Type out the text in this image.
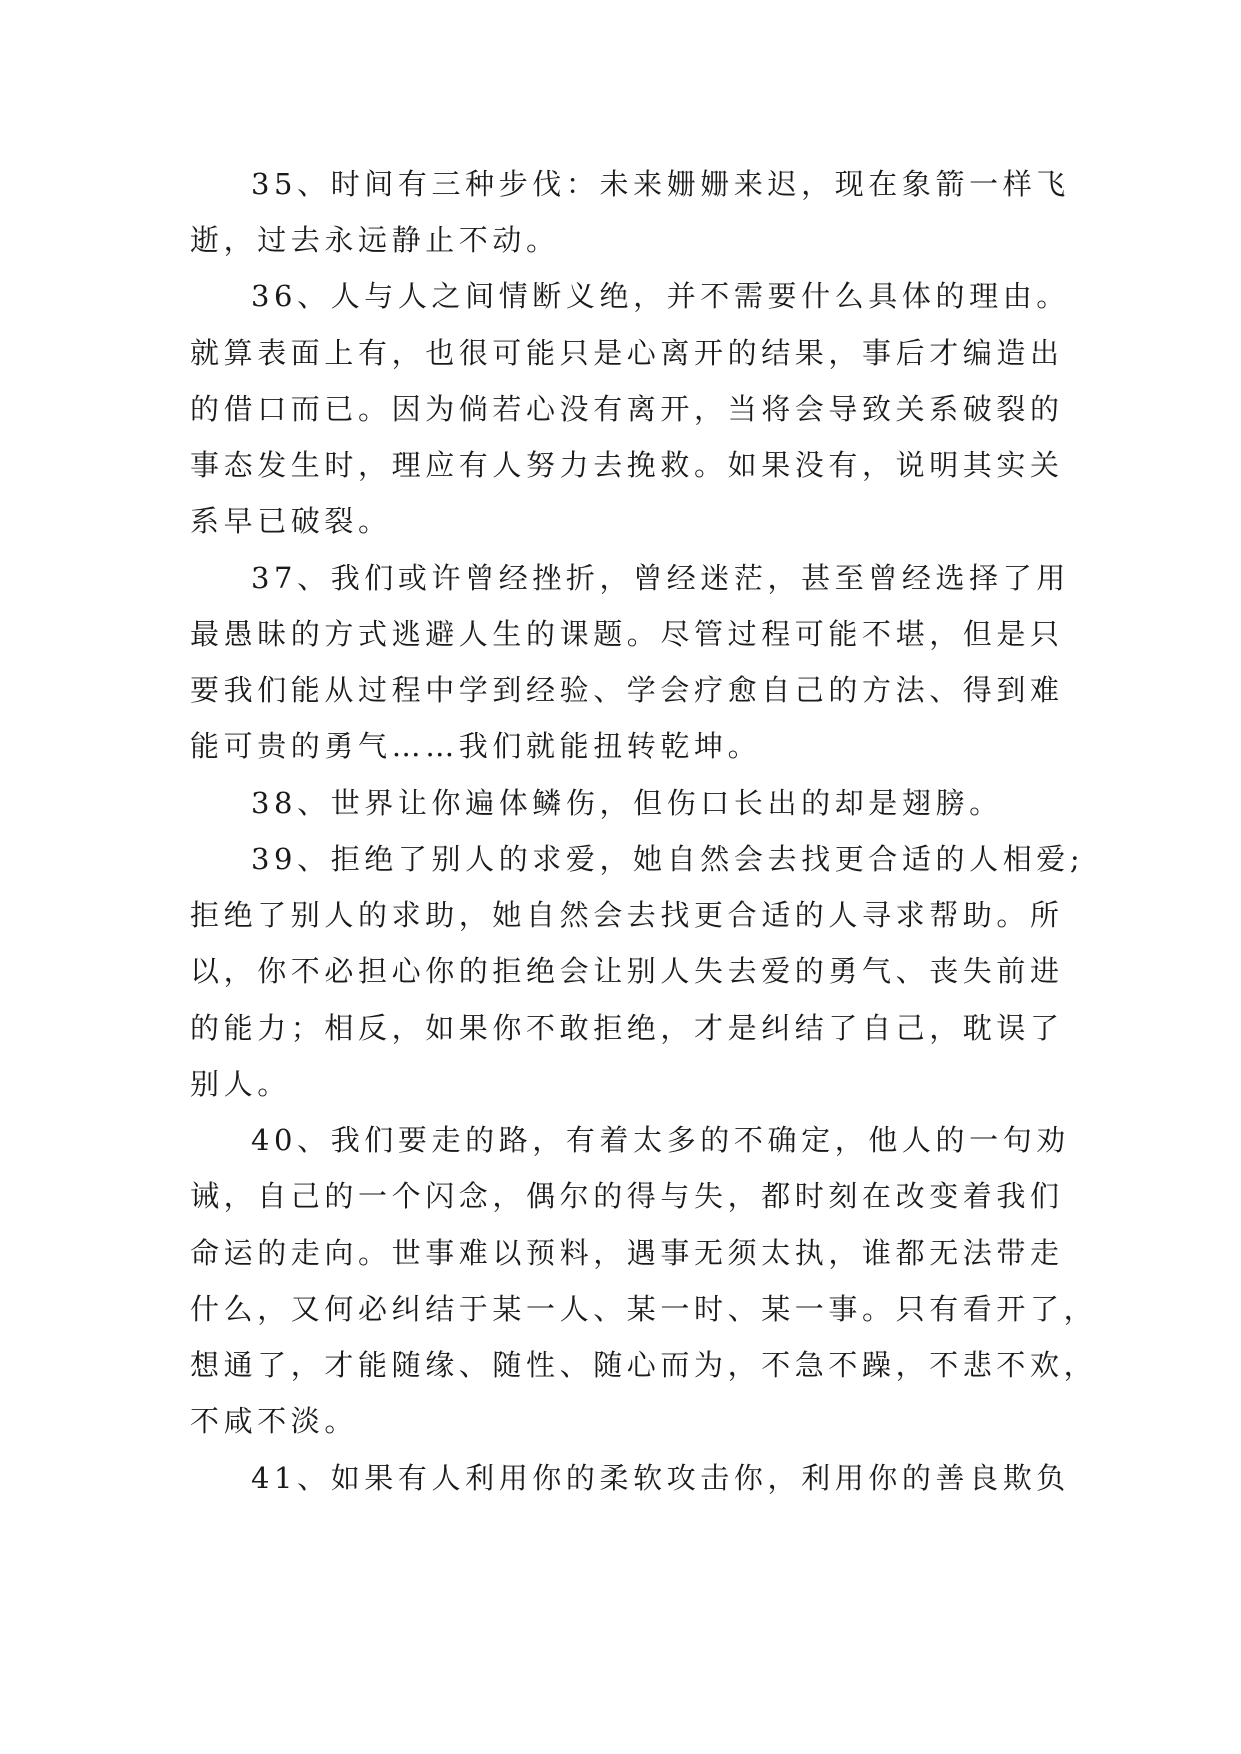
35、时间有三种步伐：未来姗姗来迟，现在象箭一样飞
逝，过去永远静止不动。
36、人与人之间情断义绝，并不需要什么具体的理由。
就算表面上有，也很可能只是心离开的结果，事后才编造出
的借口而已。因为倘若心没有离开，当将会导致关系破裂的
事态发生时，理应有人努力去挽救。如果没有，说明其实关
系早已破裂。
37、我们或许曾经挫折，曾经迷茫，甚至曾经选择了用
最愚昧的方式逃避人生的课题。尽管过程可能不堪，但是只
要我们能从过程中学到经验、学会疗愈自己的方法、得到难
能可贵的勇气……我们就能扭转乾坤。
38、世界让你遍体鳞伤，但伤口长出的却是翅膀。
39、拒绝了别人的求爱，她自然会去找更合适的人相爱;
拒绝了别人的求助，她自然会去找更合适的人寻求帮助。所
以，你不必担心你的拒绝会让别人失去爱的勇气、丧失前进
的能力；相反，如果你不敢拒绝，才是纠结了自己，耽误了
别人。
40、我们要走的路，有着太多的不确定，他人的一句劝
诫，自己的一个闪念，偶尔的得与失，都时刻在改变着我们
命运的走向。世事难以预料，遇事无须太执，谁都无法带走
什么，又何必纠结于某一人、某一时、某一事。只有看开了，
想通了，才能随缘、随性、随心而为，不急不躁，不悲不欢，
不咸不淡。
41、如果有人利用你的柔软攻击你，利用你的善良欺负
